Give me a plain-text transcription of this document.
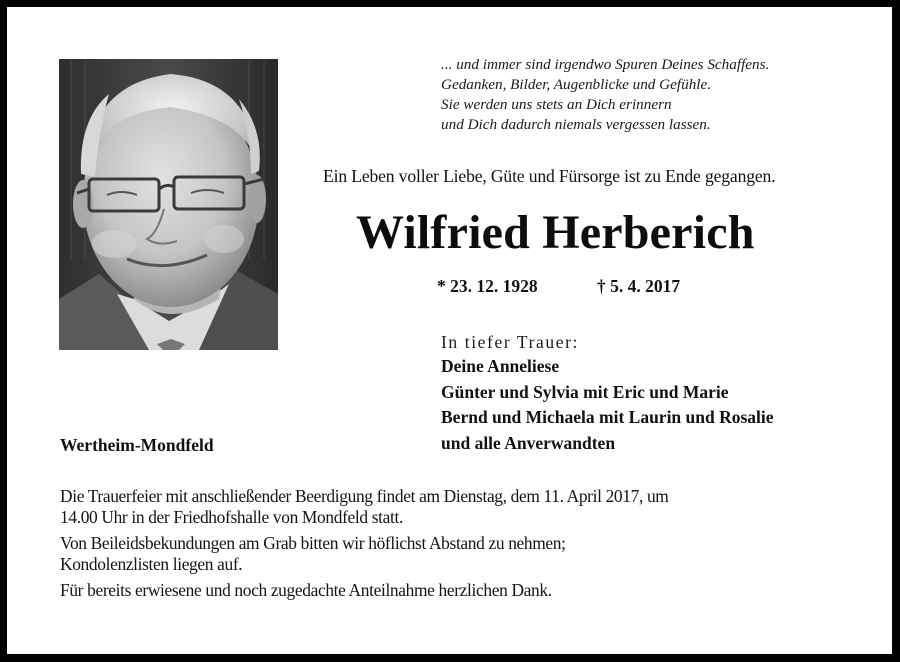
... und immer sind irgendwo Spuren Deines Schaffens.
Gedanken, Bilder, Augenblicke und Gefühle.
Sie werden uns stets an Dich erinnern
und Dich dadurch niemals vergessen lassen.
Ein Leben voller Liebe, Güte und Fürsorge ist zu Ende gegangen.
Wilfried Herberich
* 23. 12. 1928	† 5. 4. 2017
In tiefer Trauer:
Deine Anneliese
Günter und Sylvia mit Eric und Marie
Bernd und Michaela mit Laurin und Rosalie
und alle Anverwandten
Wertheim-Mondfeld

Die Trauerfeier mit anschließender Beerdigung findet am Dienstag, dem 11. April 2017, um
14.00 Uhr in der Friedhofshalle von Mondfeld statt.

Von Beileidsbekundungen am Grab bitten wir höflichst Abstand zu nehmen;
Kondolenzlisten liegen auf.

Für bereits erwiesene und noch zugedachte Anteilnahme herzlichen Dank.
